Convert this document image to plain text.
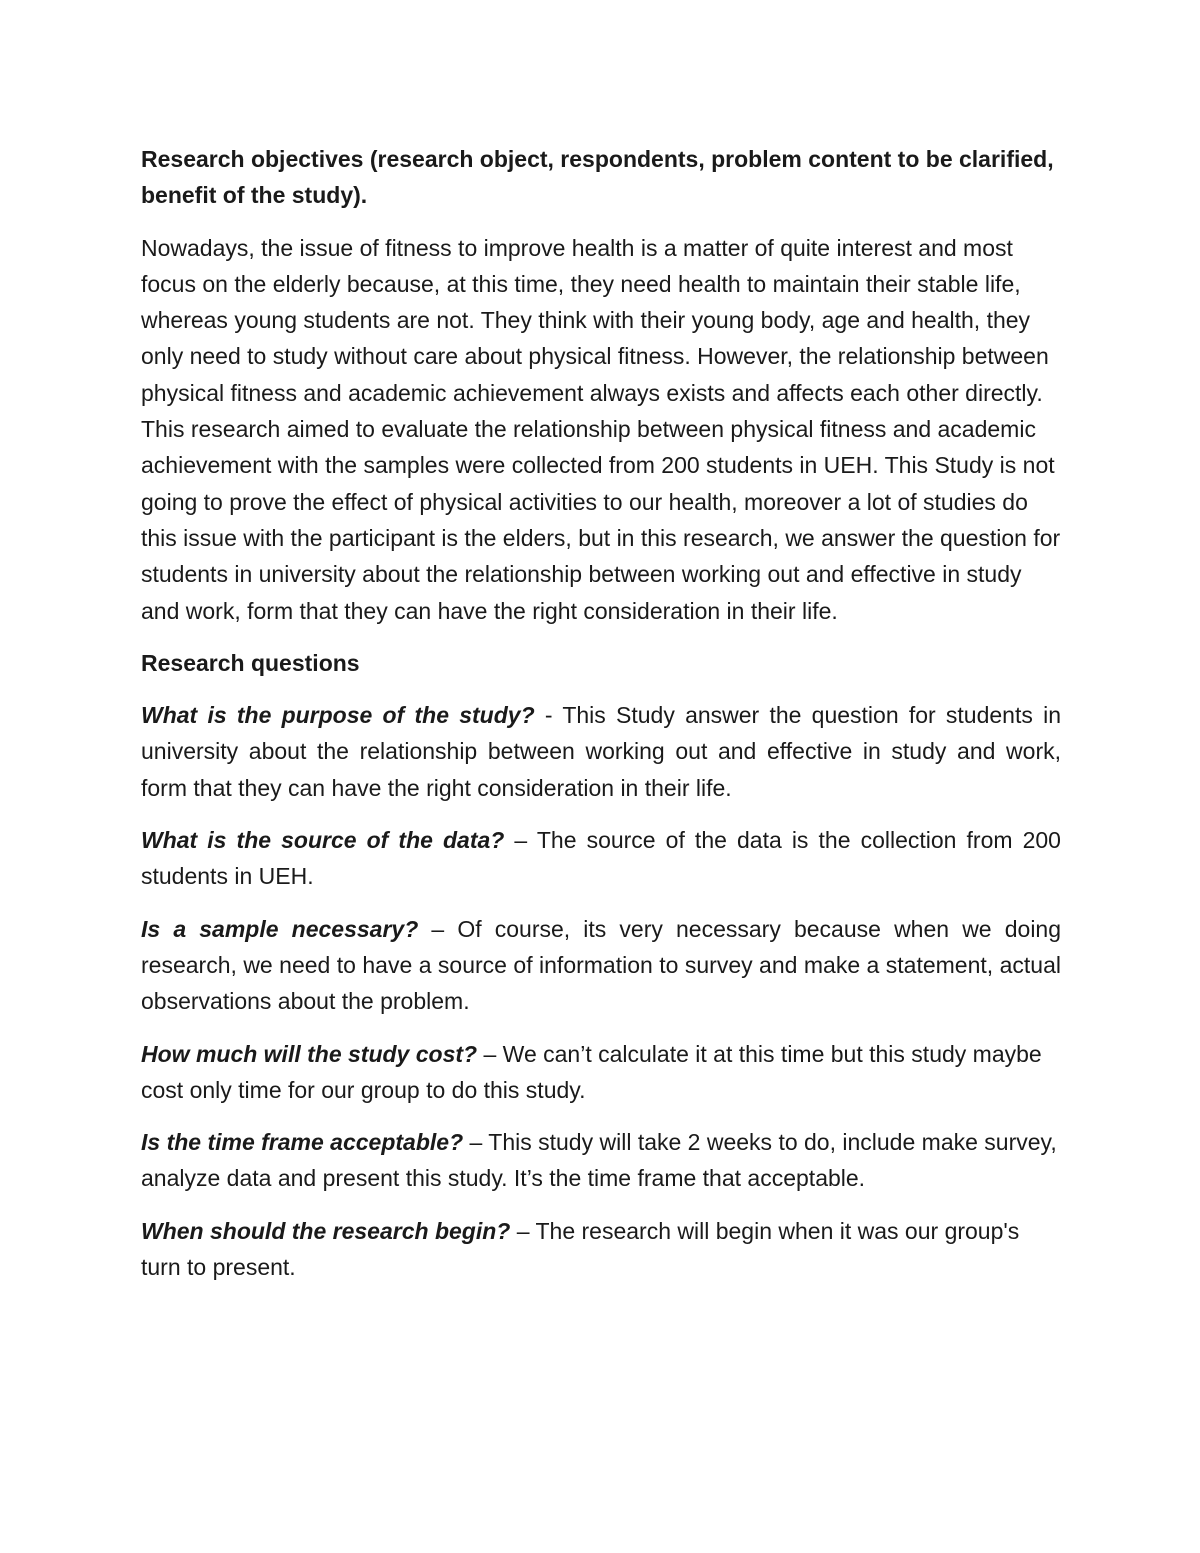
Research objectives (research object, respondents, problem content to be clarified, benefit of the study).

Nowadays, the issue of fitness to improve health is a matter of quite interest and most focus on the elderly because, at this time, they need health to maintain their stable life, whereas young students are not. They think with their young body, age and health, they only need to study without care about physical fitness. However, the relationship between physical fitness and academic achievement always exists and affects each other directly. This research aimed to evaluate the relationship between physical fitness and academic achievement with the samples were collected from 200 students in UEH. This Study is not going to prove the effect of physical activities to our health, moreover a lot of studies do this issue with the participant is the elders, but in this research, we answer the question for students in university about the relationship between working out and effective in study and work, form that they can have the right consideration in their life.

Research questions

What is the purpose of the study? - This Study answer the question for students in university about the relationship between working out and effective in study and work, form that they can have the right consideration in their life.

What is the source of the data? – The source of the data is the collection from 200 students in UEH.

Is a sample necessary? – Of course, its very necessary because when we doing research, we need to have a source of information to survey and make a statement, actual observations about the problem.

How much will the study cost? – We can’t calculate it at this time but this study maybe cost only time for our group to do this study.

Is the time frame acceptable? – This study will take 2 weeks to do, include make survey, analyze data and present this study. It’s the time frame that acceptable.

When should the research begin? – The research will begin when it was our group's turn to present.
